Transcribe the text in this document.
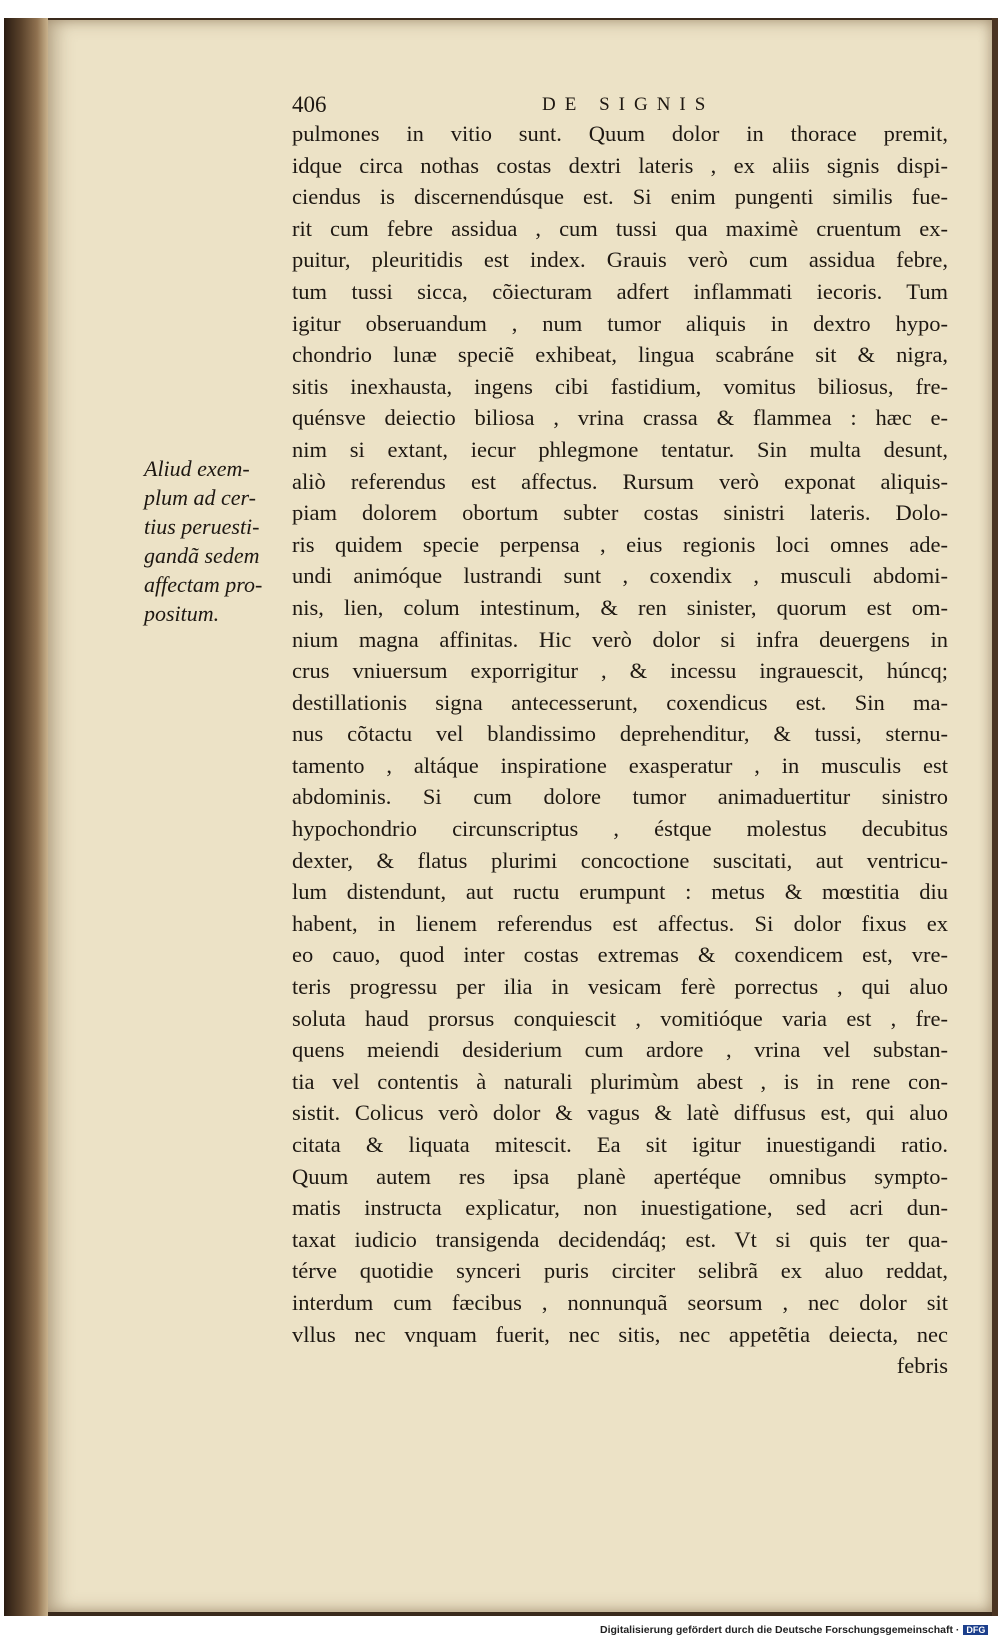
406	DE SIGNIS
Aliud exem-
plum ad cer-
tius peruesti-
gandã sedem
affectam pro-
positum.
pulmones in vitio sunt. Quum dolor in thorace premit,
idque circa nothas costas dextri lateris , ex aliis signis dispi-
ciendus is discernendúsque est. Si enim pungenti similis fue-
rit cum febre assidua , cum tussi qua maximè cruentum ex-
puitur, pleuritidis est index. Grauis verò cum assidua febre,
tum tussi sicca, cõiecturam adfert inflammati iecoris. Tum
igitur obseruandum , num tumor aliquis in dextro hypo-
chondrio lunæ speciẽ exhibeat, lingua scabráne sit & nigra,
sitis inexhausta, ingens cibi fastidium, vomitus biliosus, fre-
quénsve deiectio biliosa , vrina crassa & flammea : hæc e-
nim si extant, iecur phlegmone tentatur. Sin multa desunt,
aliò referendus est affectus. Rursum verò exponat aliquis-
piam dolorem obortum subter costas sinistri lateris. Dolo-
ris quidem specie perpensa , eius regionis loci omnes ade-
undi animóque lustrandi sunt , coxendix , musculi abdomi-
nis, lien, colum intestinum, & ren sinister, quorum est om-
nium magna affinitas. Hic verò dolor si infra deuergens in
crus vniuersum exporrigitur , & incessu ingrauescit, húncq;
destillationis signa antecesserunt, coxendicus est. Sin ma-
nus cõtactu vel blandissimo deprehenditur, & tussi, sternu-
tamento , altáque inspiratione exasperatur , in musculis est
abdominis. Si cum dolore tumor animaduertitur sinistro
hypochondrio circunscriptus , éstque molestus decubitus
dexter, & flatus plurimi concoctione suscitati, aut ventricu-
lum distendunt, aut ructu erumpunt : metus & mœstitia diu
habent, in lienem referendus est affectus. Si dolor fixus ex
eo cauo, quod inter costas extremas & coxendicem est, vre-
teris progressu per ilia in vesicam ferè porrectus , qui aluo
soluta haud prorsus conquiescit , vomitióque varia est , fre-
quens meiendi desiderium cum ardore , vrina vel substan-
tia vel contentis à naturali plurimùm abest , is in rene con-
sistit. Colicus verò dolor & vagus & latè diffusus est, qui aluo
citata & liquata mitescit. Ea sit igitur inuestigandi ratio.
Quum autem res ipsa planè apertéque omnibus sympto-
matis instructa explicatur, non inuestigatione, sed acri dun-
taxat iudicio transigenda decidendáq; est. Vt si quis ter qua-
térve quotidie synceri puris circiter selibrã ex aluo reddat,
interdum cum fæcibus , nonnunquã seorsum , nec dolor sit
vllus nec vnquam fuerit, nec sitis, nec appetẽtia deiecta, nec
febris
Digitalisierung gefördert durch die Deutsche Forschungsgemeinschaft · DFG
